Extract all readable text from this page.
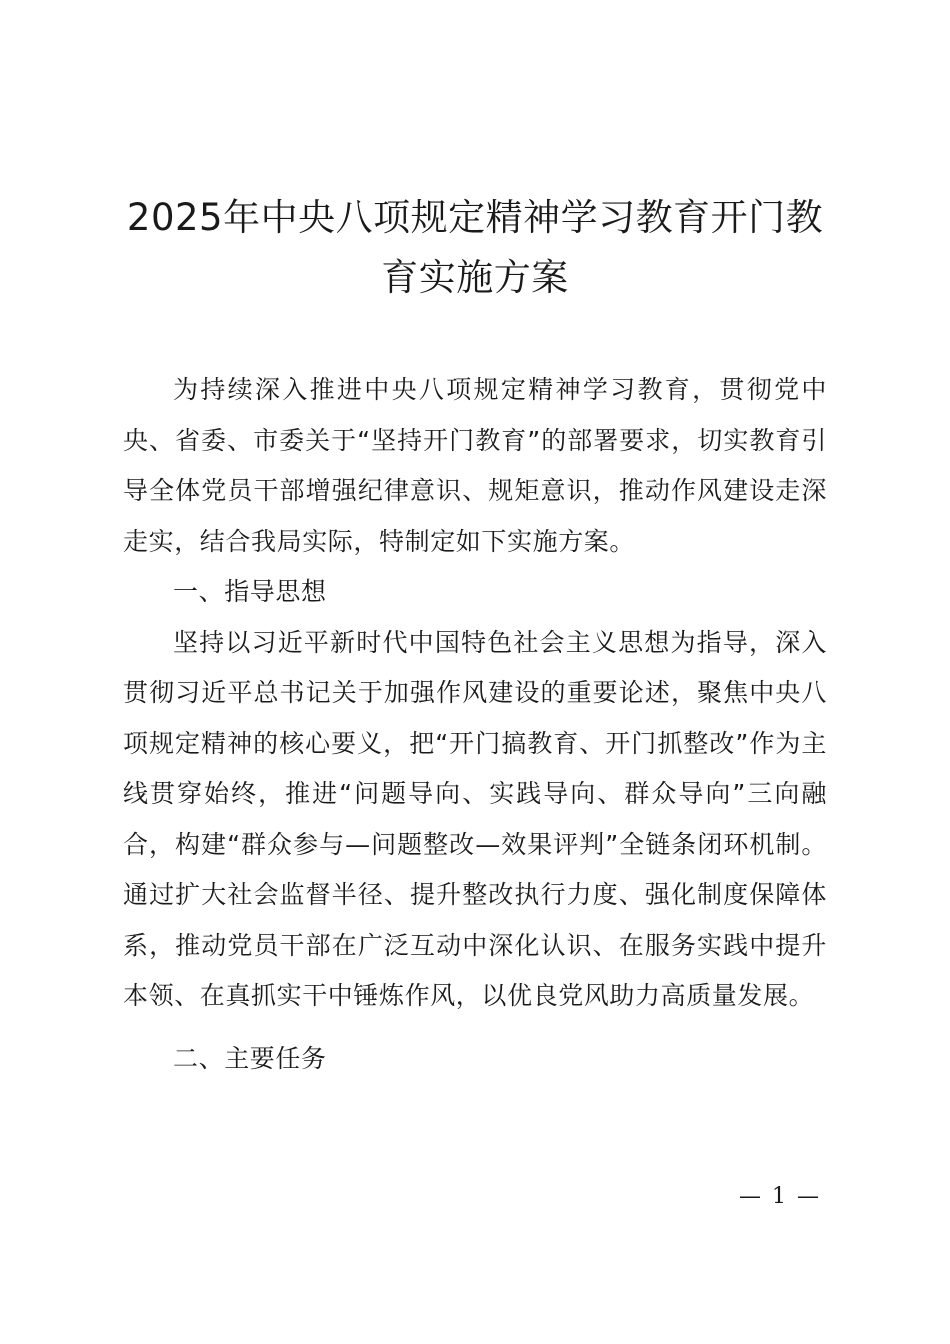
2025年中央八项规定精神学习教育开门教育实施方案

为持续深入推进中央八项规定精神学习教育，贯彻党中央、省委、市委关于“坚持开门教育”的部署要求，切实教育引导全体党员干部增强纪律意识、规矩意识，推动作风建设走深走实，结合我局实际，特制定如下实施方案。

一、指导思想

坚持以习近平新时代中国特色社会主义思想为指导，深入贯彻习近平总书记关于加强作风建设的重要论述，聚焦中央八项规定精神的核心要义，把“开门搞教育、开门抓整改”作为主线贯穿始终，推进“问题导向、实践导向、群众导向”三向融合，构建“群众参与—问题整改—效果评判”全链条闭环机制。通过扩大社会监督半径、提升整改执行力度、强化制度保障体系，推动党员干部在广泛互动中深化认识、在服务实践中提升本领、在真抓实干中锤炼作风，以优良党风助力高质量发展。

二、主要任务

— 1 —
